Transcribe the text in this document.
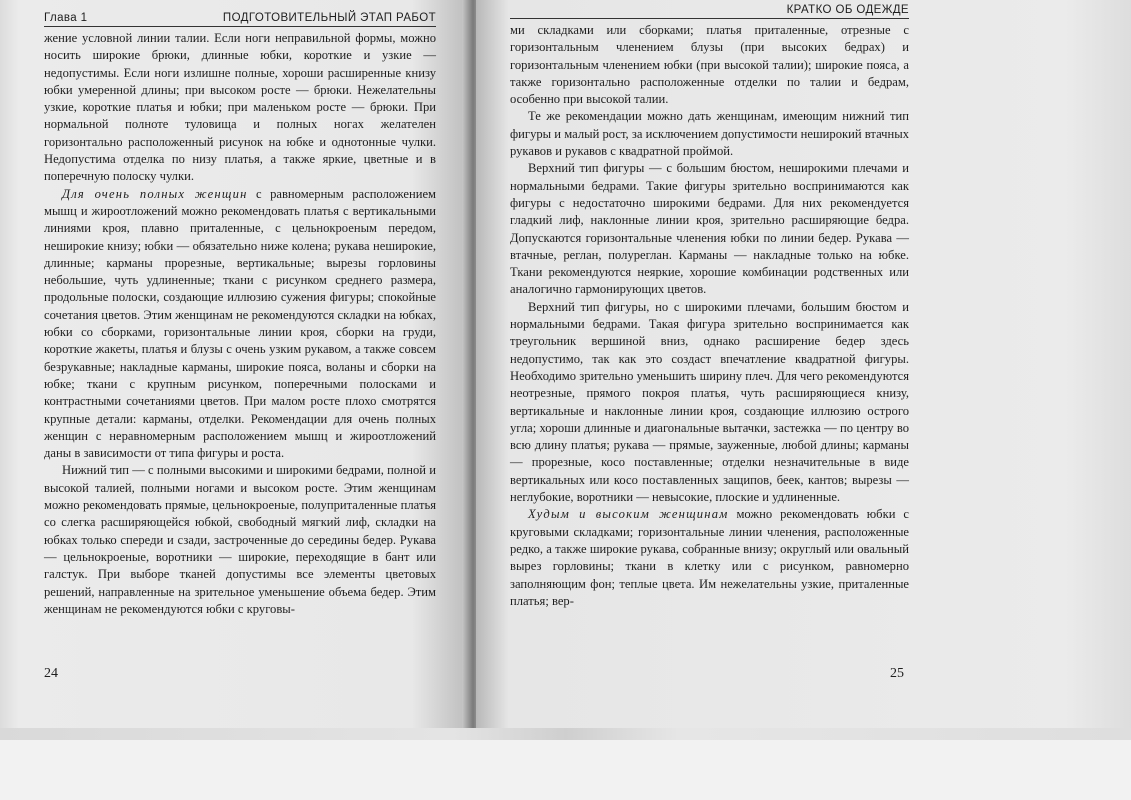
Глава 1	ПОДГОТОВИТЕЛЬНЫЙ ЭТАП РАБОТ

жение условной линии талии. Если ноги неправильной формы, можно носить широкие брюки, длинные юбки, короткие и узкие — недопустимы. Если ноги излишне полные, хороши расширенные книзу юбки умеренной длины; при высоком росте — брюки. Нежелательны узкие, короткие платья и юбки; при маленьком росте — брюки. При нормальной полноте туловища и полных ногах желателен горизонтально расположенный рисунок на юбке и однотонные чулки. Недопустима отделка по низу платья, а также яркие, цветные и в поперечную полоску чулки.

Для очень полных женщин с равномерным расположением мышц и жироотложений можно рекомендовать платья с вертикальными линиями кроя, плавно приталенные, с цельнокроеным передом, неширокие книзу; юбки — обязательно ниже колена; рукава неширокие, длинные; карманы прорезные, вертикальные; вырезы горловины небольшие, чуть удлиненные; ткани с рисунком среднего размера, продольные полоски, создающие иллюзию сужения фигуры; спокойные сочетания цветов. Этим женщинам не рекомендуются складки на юбках, юбки со сборками, горизонтальные линии кроя, сборки на груди, короткие жакеты, платья и блузы с очень узким рукавом, а также совсем безрукавные; накладные карманы, широкие пояса, воланы и сборки на юбке; ткани с крупным рисунком, поперечными полосками и контрастными сочетаниями цветов. При малом росте плохо смотрятся крупные детали: карманы, отделки. Рекомендации для очень полных женщин с неравномерным расположением мышц и жироотложений даны в зависимости от типа фигуры и роста.

Нижний тип — с полными высокими и широкими бедрами, полной и высокой талией, полными ногами и высоком росте. Этим женщинам можно рекомендовать прямые, цельнокроеные, полуприталенные платья со слегка расширяющейся юбкой, свободный мягкий лиф, складки на юбках только спереди и сзади, застроченные до середины бедер. Рукава — цельнокроеные, воротники — широкие, переходящие в бант или галстук. При выборе тканей допустимы все элементы цветовых решений, направленные на зрительное уменьшение объема бедер. Этим женщинам не рекомендуются юбки с круговы-

24
КРАТКО ОБ ОДЕЖДЕ

ми складками или сборками; платья приталенные, отрезные с горизонтальным членением блузы (при высоких бедрах) и горизонтальным членением юбки (при высокой талии); широкие пояса, а также горизонтально расположенные отделки по талии и бедрам, особенно при высокой талии.

Те же рекомендации можно дать женщинам, имеющим нижний тип фигуры и малый рост, за исключением допустимости неширокий втачных рукавов и рукавов с квадратной проймой.

Верхний тип фигуры — с большим бюстом, неширокими плечами и нормальными бедрами. Такие фигуры зрительно воспринимаются как фигуры с недостаточно широкими бедрами. Для них рекомендуется гладкий лиф, наклонные линии кроя, зрительно расширяющие бедра. Допускаются горизонтальные членения юбки по линии бедер. Рукава — втачные, реглан, полуреглан. Карманы — накладные только на юбке. Ткани рекомендуются неяркие, хорошие комбинации родственных или аналогично гармонирующих цветов.

Верхний тип фигуры, но с широкими плечами, большим бюстом и нормальными бедрами. Такая фигура зрительно воспринимается как треугольник вершиной вниз, однако расширение бедер здесь недопустимо, так как это создаст впечатление квадратной фигуры. Необходимо зрительно уменьшить ширину плеч. Для чего рекомендуются неотрезные, прямого покроя платья, чуть расширяющиеся книзу, вертикальные и наклонные линии кроя, создающие иллюзию острого угла; хороши длинные и диагональные вытачки, застежка — по центру во всю длину платья; рукава — прямые, зауженные, любой длины; карманы — прорезные, косо поставленные; отделки незначительные в виде вертикальных или косо поставленных защипов, беек, кантов; вырезы — неглубокие, воротники — невысокие, плоские и удлиненные.

Худым и высоким женщинам можно рекомендовать юбки с круговыми складками; горизонтальные линии членения, расположенные редко, а также широкие рукава, собранные внизу; округлый или овальный вырез горловины; ткани в клетку или с рисунком, равномерно заполняющим фон; теплые цвета. Им нежелательны узкие, приталенные платья; вер-

25
